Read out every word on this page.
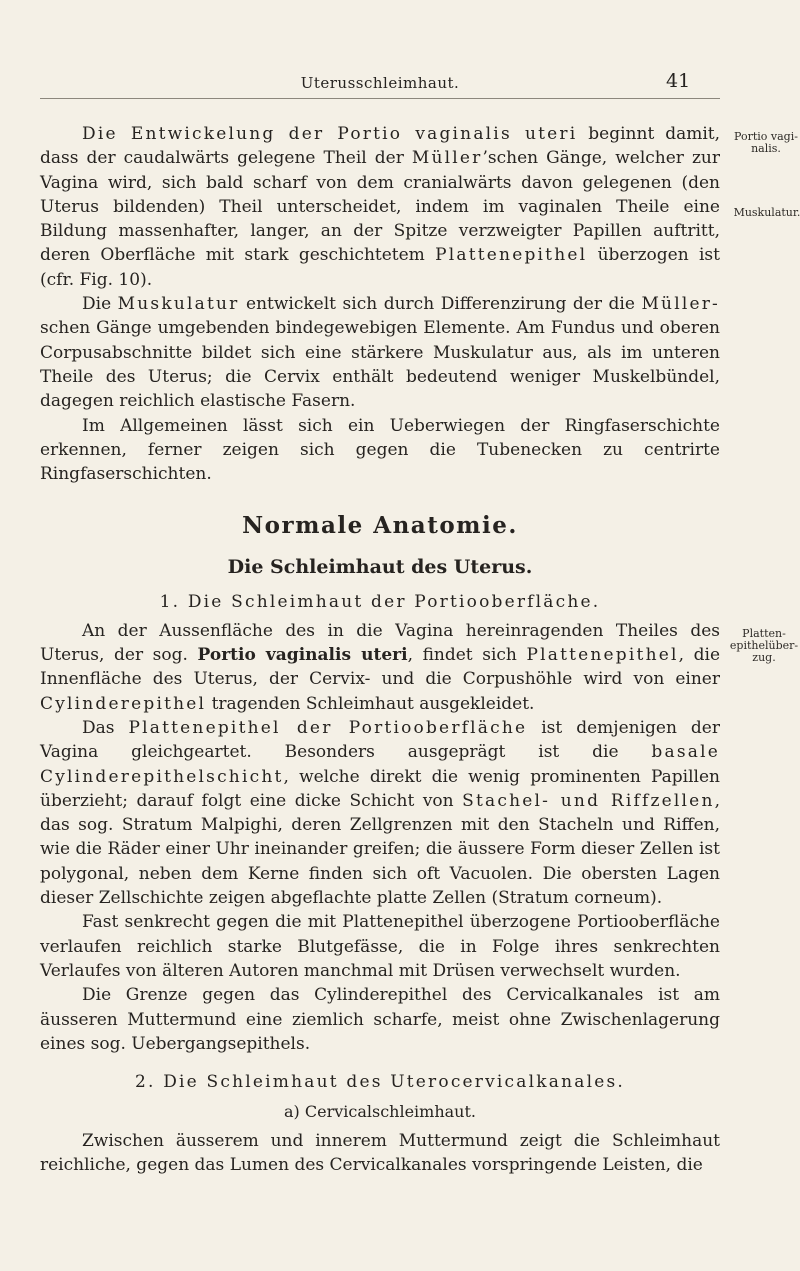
Uterusschleimhaut.	41
Portio vagi-
nalis.
Muskulatur.
Platten-
epithelüber-
zug.

Die Entwickelung der Portio vaginalis uteri beginnt damit, dass der caudalwärts gelegene Theil der Müller’schen Gänge, welcher zur Vagina wird, sich bald scharf von dem cranialwärts davon gelegenen (den Uterus bildenden) Theil unterscheidet, indem im vaginalen Theile eine Bildung massenhafter, langer, an der Spitze verzweigter Papillen auftritt, deren Oberfläche mit stark geschichtetem Plattenepithel überzogen ist (cfr. Fig. 10).

Die Muskulatur entwickelt sich durch Differenzirung der die Müller-schen Gänge umgebenden bindegewebigen Elemente. Am Fundus und oberen Corpusabschnitte bildet sich eine stärkere Muskulatur aus, als im unteren Theile des Uterus; die Cervix enthält bedeutend weniger Muskelbündel, dagegen reichlich elastische Fasern.

Im Allgemeinen lässt sich ein Ueberwiegen der Ringfaserschichte erkennen, ferner zeigen sich gegen die Tubenecken zu centrirte Ringfaserschichten.

Normale Anatomie.
Die Schleimhaut des Uterus.
1. Die Schleimhaut der Portiooberfläche.

An der Aussenfläche des in die Vagina hereinragenden Theiles des Uterus, der sog. Portio vaginalis uteri, findet sich Plattenepithel, die Innenfläche des Uterus, der Cervix- und die Corpushöhle wird von einer Cylinderepithel tragenden Schleimhaut ausgekleidet.

Das Plattenepithel der Portiooberfläche ist demjenigen der Vagina gleichgeartet. Besonders ausgeprägt ist die basale Cylinderepithelschicht, welche direkt die wenig prominenten Papillen überzieht; darauf folgt eine dicke Schicht von Stachel- und Riffzellen, das sog. Stratum Malpighi, deren Zellgrenzen mit den Stacheln und Riffen, wie die Räder einer Uhr ineinander greifen; die äussere Form dieser Zellen ist polygonal, neben dem Kerne finden sich oft Vacuolen. Die obersten Lagen dieser Zellschichte zeigen abgeflachte platte Zellen (Stratum corneum).

Fast senkrecht gegen die mit Plattenepithel überzogene Portiooberfläche verlaufen reichlich starke Blutgefässe, die in Folge ihres senkrechten Verlaufes von älteren Autoren manchmal mit Drüsen verwechselt wurden.

Die Grenze gegen das Cylinderepithel des Cervicalkanales ist am äusseren Muttermund eine ziemlich scharfe, meist ohne Zwischenlagerung eines sog. Uebergangsepithels.

2. Die Schleimhaut des Uterocervicalkanales.
a) Cervicalschleimhaut.

Zwischen äusserem und innerem Muttermund zeigt die Schleimhaut reichliche, gegen das Lumen des Cervicalkanales vorspringende Leisten, die
